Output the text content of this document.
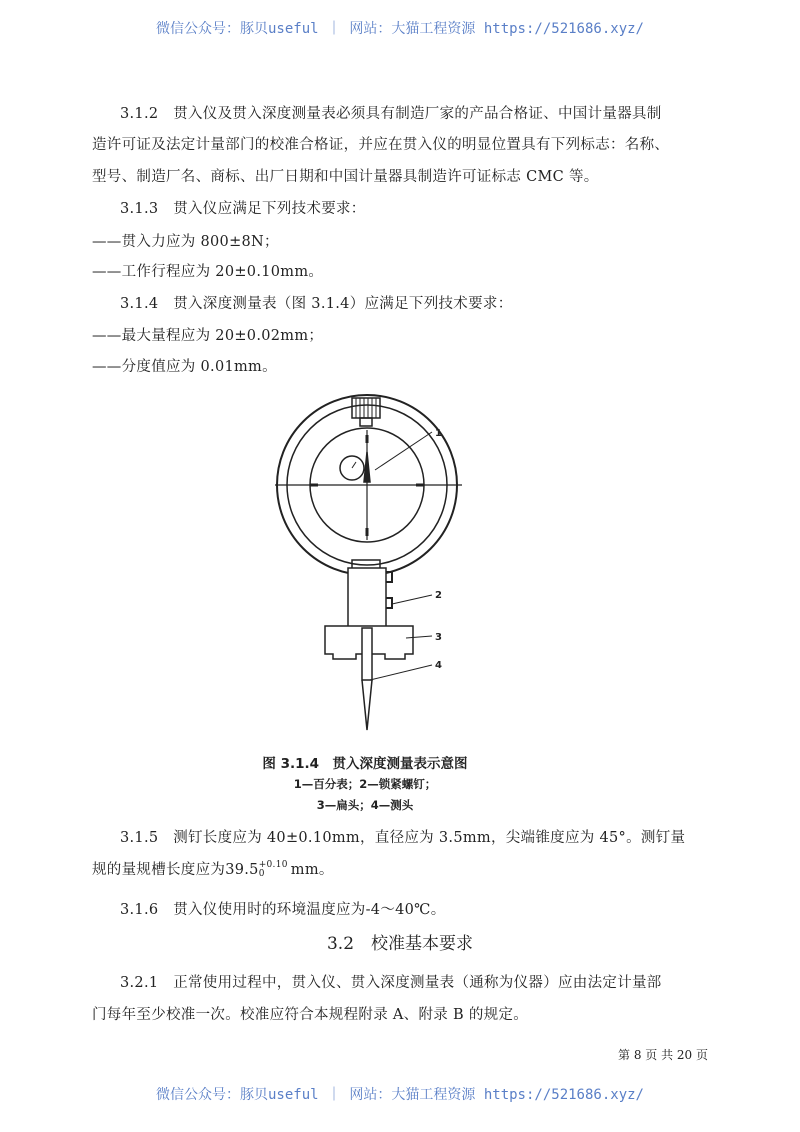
微信公众号：豚贝useful ｜ 网站：大猫工程资源 https://521686.xyz/
3.1.2　贯入仪及贯入深度测量表必须具有制造厂家的产品合格证、中国计量器具制
造许可证及法定计量部门的校准合格证，并应在贯入仪的明显位置具有下列标志：名称、
型号、制造厂名、商标、出厂日期和中国计量器具制造许可证标志 CMC 等。
3.1.3　贯入仪应满足下列技术要求：
——贯入力应为 800±8N；
——工作行程应为 20±0.10mm。
3.1.4　贯入深度测量表（图 3.1.4）应满足下列技术要求：
——最大量程应为 20±0.02mm；
——分度值应为 0.01mm。
1
2
3
4
图 3.1.4　贯入深度测量表示意图
1—百分表；2—锁紧螺钉；
3—扁头；4—测头
3.1.5　测钉长度应为 40±0.10mm，直径应为 3.5mm，尖端锥度应为 45°。测钉量
规的量规槽长度应为39.5+0.10
0 mm。
3.1.6　贯入仪使用时的环境温度应为-4～40℃。
3.2　校准基本要求
3.2.1　正常使用过程中，贯入仪、贯入深度测量表（通称为仪器）应由法定计量部
门每年至少校准一次。校准应符合本规程附录 A、附录 B 的规定。
第 8 页 共 20 页
微信公众号：豚贝useful ｜ 网站：大猫工程资源 https://521686.xyz/
